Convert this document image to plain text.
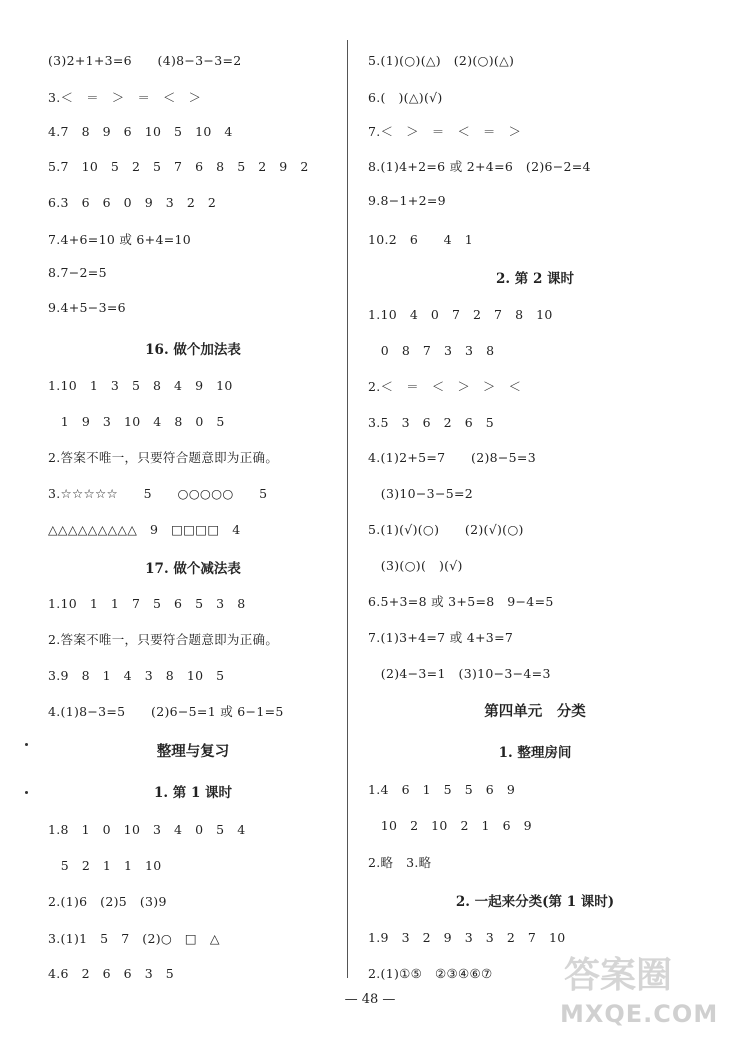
(3)2+1+3=6　　(4)8−3−3=2
3.＜　＝　＞　＝　＜　＞
4.7　8　9　6　10　5　10　4
5.7　10　5　2　5　7　6　8　5　2　9　2
6.3　6　6　0　9　3　2　2
7.4+6=10 或 6+4=10
8.7−2=5
9.4+5−3=6
16. 做个加法表
1.10　1　3　5　8　4　9　10
　1　9　3　10　4　8　0　5
2.答案不唯一，只要符合题意即为正确。
3.☆☆☆☆☆　　5　　○○○○○　　5
△△△△△△△△△　9　□□□□　4
17. 做个减法表
1.10　1　1　7　5　6　5　3　8
2.答案不唯一，只要符合题意即为正确。
3.9　8　1　4　3　8　10　5
4.(1)8−3=5　　(2)6−5=1 或 6−1=5
整理与复习
1. 第 1 课时
1.8　1　0　10　3　4　0　5　4
　5　2　1　1　10
2.(1)6　(2)5　(3)9
3.(1)1　5　7　(2)○　□　△
4.6　2　6　6　3　5
5.(1)(○)(△)　(2)(○)(△)
6.(　)(△)(√)
7.＜　＞　＝　＜　＝　＞
8.(1)4+2=6 或 2+4=6　(2)6−2=4
9.8−1+2=9
10.2　6　　4　1
2. 第 2 课时
1.10　4　0　7　2　7　8　10
　0　8　7　3　3　8
2.＜　＝　＜　＞　＞　＜
3.5　3　6　2　6　5
4.(1)2+5=7　　(2)8−5=3
　(3)10−3−5=2
5.(1)(√)(○)　　(2)(√)(○)
　(3)(○)(　)(√)
6.5+3=8 或 3+5=8　9−4=5
7.(1)3+4=7 或 4+3=7
　(2)4−3=1　(3)10−3−4=3
第四单元　分类
1. 整理房间
1.4　6　1　5　5　6　9
　10　2　10　2　1　6　9
2.略　3.略
2. 一起来分类(第 1 课时)
1.9　3　2　9　3　3　2　7　10
2.(1)①⑤　②③④⑥⑦
— 48 —
答案圈
MXQE.COM
